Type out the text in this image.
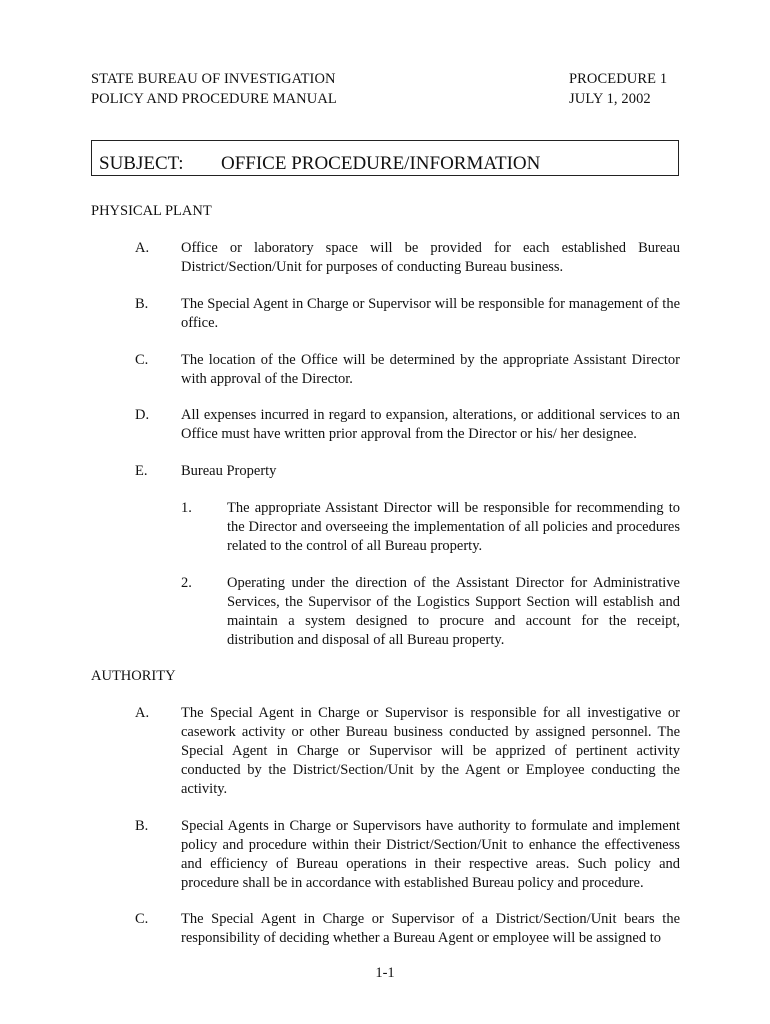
STATE BUREAU OF INVESTIGATION
POLICY AND PROCEDURE MANUAL
PROCEDURE 1
JULY 1, 2002
SUBJECT: OFFICE PROCEDURE/INFORMATION
PHYSICAL PLANT
A. Office or laboratory space will be provided for each established Bureau District/Section/Unit for purposes of conducting Bureau business.
B. The Special Agent in Charge or Supervisor will be responsible for management of the office.
C. The location of the Office will be determined by the appropriate Assistant Director with approval of the Director.
D. All expenses incurred in regard to expansion, alterations, or additional services to an Office must have written prior approval from the Director or his/ her designee.
E. Bureau Property
1. The appropriate Assistant Director will be responsible for recommending to the Director and overseeing the implementation of all policies and procedures related to the control of all Bureau property.
2. Operating under the direction of the Assistant Director for Administrative Services, the Supervisor of the Logistics Support Section will establish and maintain a system designed to procure and account for the receipt, distribution and disposal of all Bureau property.
AUTHORITY
A. The Special Agent in Charge or Supervisor is responsible for all investigative or casework activity or other Bureau business conducted by assigned personnel. The Special Agent in Charge or Supervisor will be apprized of pertinent activity conducted by the District/Section/Unit by the Agent or Employee conducting the activity.
B. Special Agents in Charge or Supervisors have authority to formulate and implement policy and procedure within their District/Section/Unit to enhance the effectiveness and efficiency of Bureau operations in their respective areas. Such policy and procedure shall be in accordance with established Bureau policy and procedure.
C. The Special Agent in Charge or Supervisor of a District/Section/Unit bears the responsibility of deciding whether a Bureau Agent or employee will be assigned to
1-1
